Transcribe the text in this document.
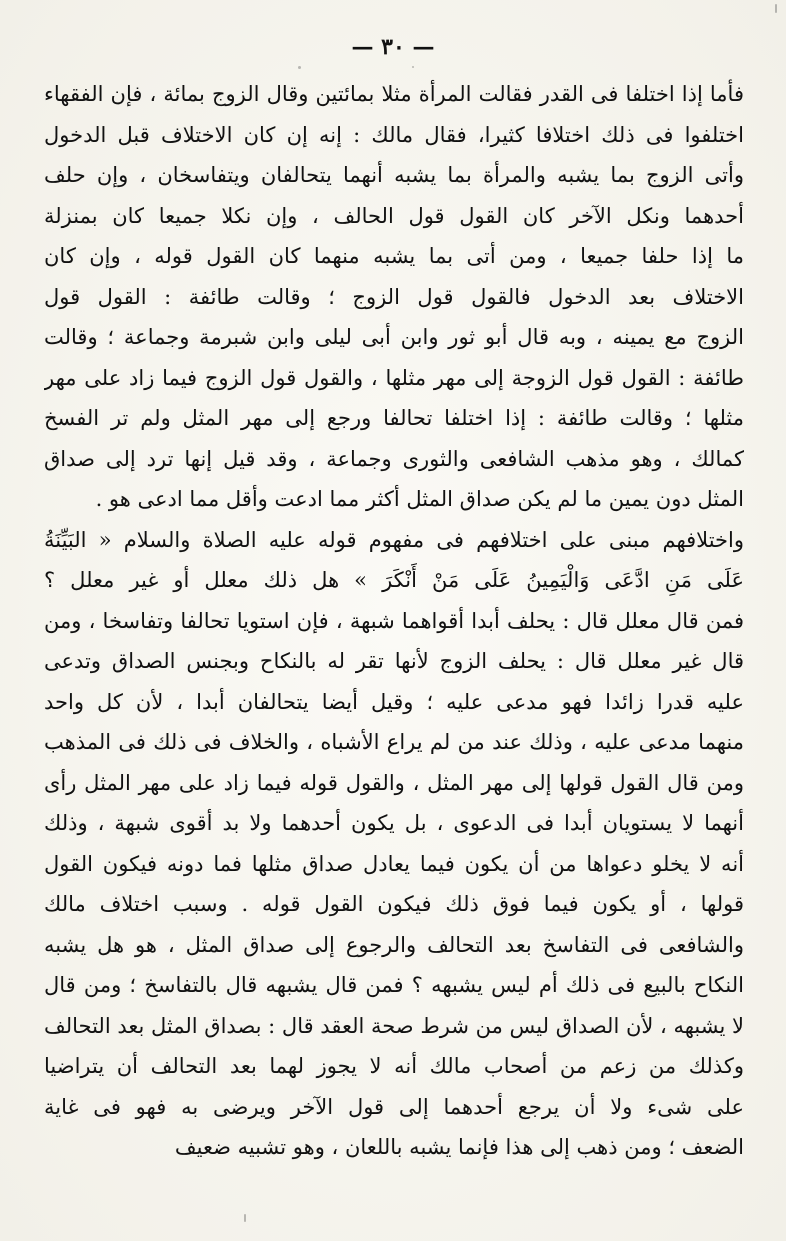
— ٣٠ —
فأما إذا اختلفا فى القدر فقالت المرأة مثلا بمائتين وقال الزوج بمائة ، فإن الفقهاء
اختلفوا فى ذلك اختلافا كثيرا، فقال مالك : إنه إن كان الاختلاف قبل الدخول
وأتى الزوج بما يشبه والمرأة بما يشبه أنهما يتحالفان ويتفاسخان ، وإن حلف
أحدهما ونكل الآخر كان القول قول الحالف ، وإن نكلا جميعا كان بمنزلة
ما إذا حلفا جميعا ، ومن أتى بما يشبه منهما كان القول قوله ، وإن كان
الاختلاف بعد الدخول فالقول قول الزوج ؛ وقالت طائفة : القول قول
الزوج مع يمينه ، وبه قال أبو ثور وابن أبى ليلى وابن شبرمة وجماعة ؛ وقالت
طائفة : القول قول الزوجة إلى مهر مثلها ، والقول قول الزوج فيما زاد على مهر
مثلها ؛ وقالت طائفة : إذا اختلفا تحالفا ورجع إلى مهر المثل ولم تر الفسخ
كمالك ، وهو مذهب الشافعى والثورى وجماعة ، وقد قيل إنها ترد إلى صداق
المثل دون يمين ما لم يكن صداق المثل أكثر مما ادعت وأقل مما ادعى هو .
واختلافهم مبنى على اختلافهم فى مفهوم قوله عليه الصلاة والسلام « البَيِّنَةُ
عَلَى مَنِ ادَّعَى وَالْيَمِينُ عَلَى مَنْ أَنْكَرَ » هل ذلك معلل أو غير معلل ؟
فمن قال معلل قال : يحلف أبدا أقواهما شبهة ، فإن استويا تحالفا وتفاسخا ، ومن
قال غير معلل قال : يحلف الزوج لأنها تقر له بالنكاح وبجنس الصداق وتدعى
عليه قدرا زائدا فهو مدعى عليه ؛ وقيل أيضا يتحالفان أبدا ، لأن كل واحد
منهما مدعى عليه ، وذلك عند من لم يراع الأشباه ، والخلاف فى ذلك فى المذهب
ومن قال القول قولها إلى مهر المثل ، والقول قوله فيما زاد على مهر المثل رأى
أنهما لا يستويان أبدا فى الدعوى ، بل يكون أحدهما ولا بد أقوى شبهة ، وذلك
أنه لا يخلو دعواها من أن يكون فيما يعادل صداق مثلها فما دونه فيكون القول
قولها ، أو يكون فيما فوق ذلك فيكون القول قوله . وسبب اختلاف مالك
والشافعى فى التفاسخ بعد التحالف والرجوع إلى صداق المثل ، هو هل يشبه
النكاح بالبيع فى ذلك أم ليس يشبهه ؟ فمن قال يشبهه قال بالتفاسخ ؛ ومن قال
لا يشبهه ، لأن الصداق ليس من شرط صحة العقد قال : بصداق المثل بعد التحالف
وكذلك من زعم من أصحاب مالك أنه لا يجوز لهما بعد التحالف أن يتراضيا
على شىء ولا أن يرجع أحدهما إلى قول الآخر ويرضى به فهو فى غاية
الضعف ؛ ومن ذهب إلى هذا فإنما يشبه باللعان ، وهو تشبيه ضعيف
